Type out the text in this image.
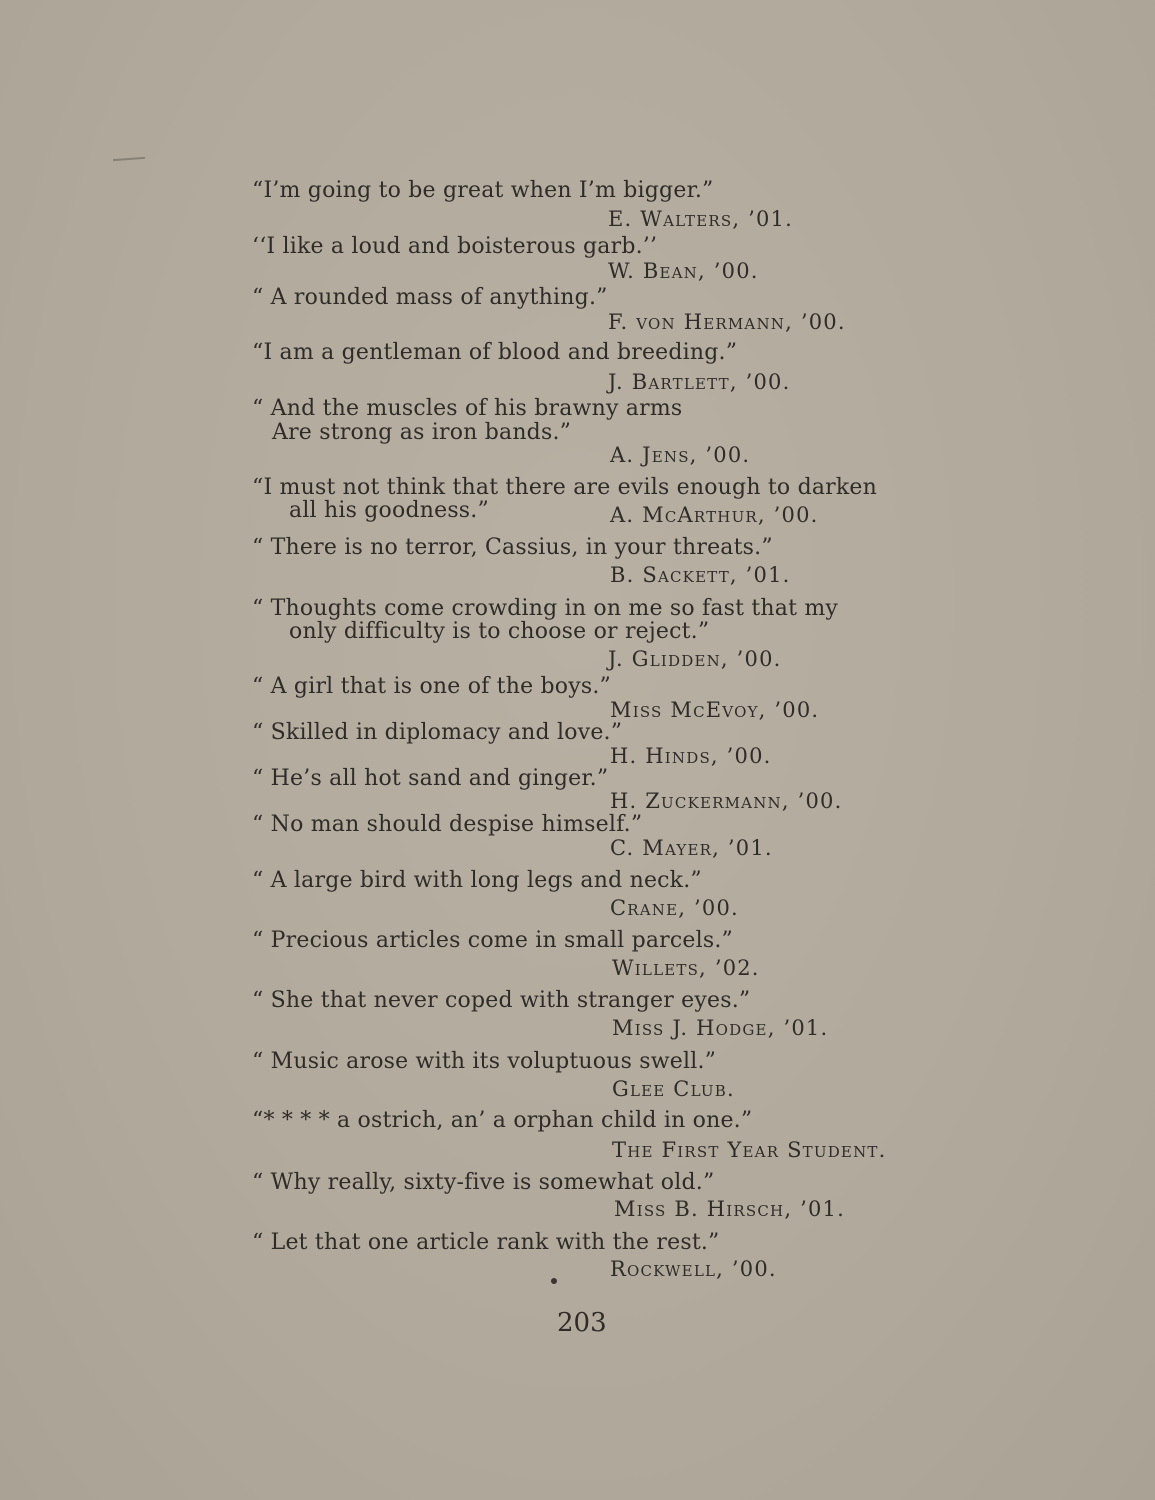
“I’m going to be great when I’m bigger.”

E. Walters, ’01.

‘‘I like a loud and boisterous garb.’’

W. Bean, ’00.

“ A rounded mass of anything.”

F. von Hermann, ’00.

“I am a gentleman of blood and breeding.”

J. Bartlett, ’00.

“ And the muscles of his brawny arms

Are strong as iron bands.”

A. Jens, ’00.

“I must not think that there are evils enough to darken

all his goodness.”	A. McArthur, ’00.

“ There is no terror, Cassius, in your threats.”

B. Sackett, ’01.

“ Thoughts come crowding in on me so fast that my

only difficulty is to choose or reject.”

J. Glidden, ’00.

“ A girl that is one of the boys.”

Miss McEvoy, ’00.

“ Skilled in diplomacy and love.”

H. Hinds, ’00.

“ He’s all hot sand and ginger.”

H. Zuckermann, ’00.

“ No man should despise himself.”

C. Mayer, ’01.

“ A large bird with long legs and neck.”

Crane, ’00.

“ Precious articles come in small parcels.”

Willets, ’02.

“ She that never coped with stranger eyes.”

Miss J. Hodge, ’01.

“ Music arose with its voluptuous swell.”

Glee Club.

“* * * * a ostrich, an’ a orphan child in one.”

The First Year Student.

“ Why really, sixty-five is somewhat old.”

Miss B. Hirsch, ’01.

“ Let that one article rank with the rest.”

Rockwell, ’00.

203
